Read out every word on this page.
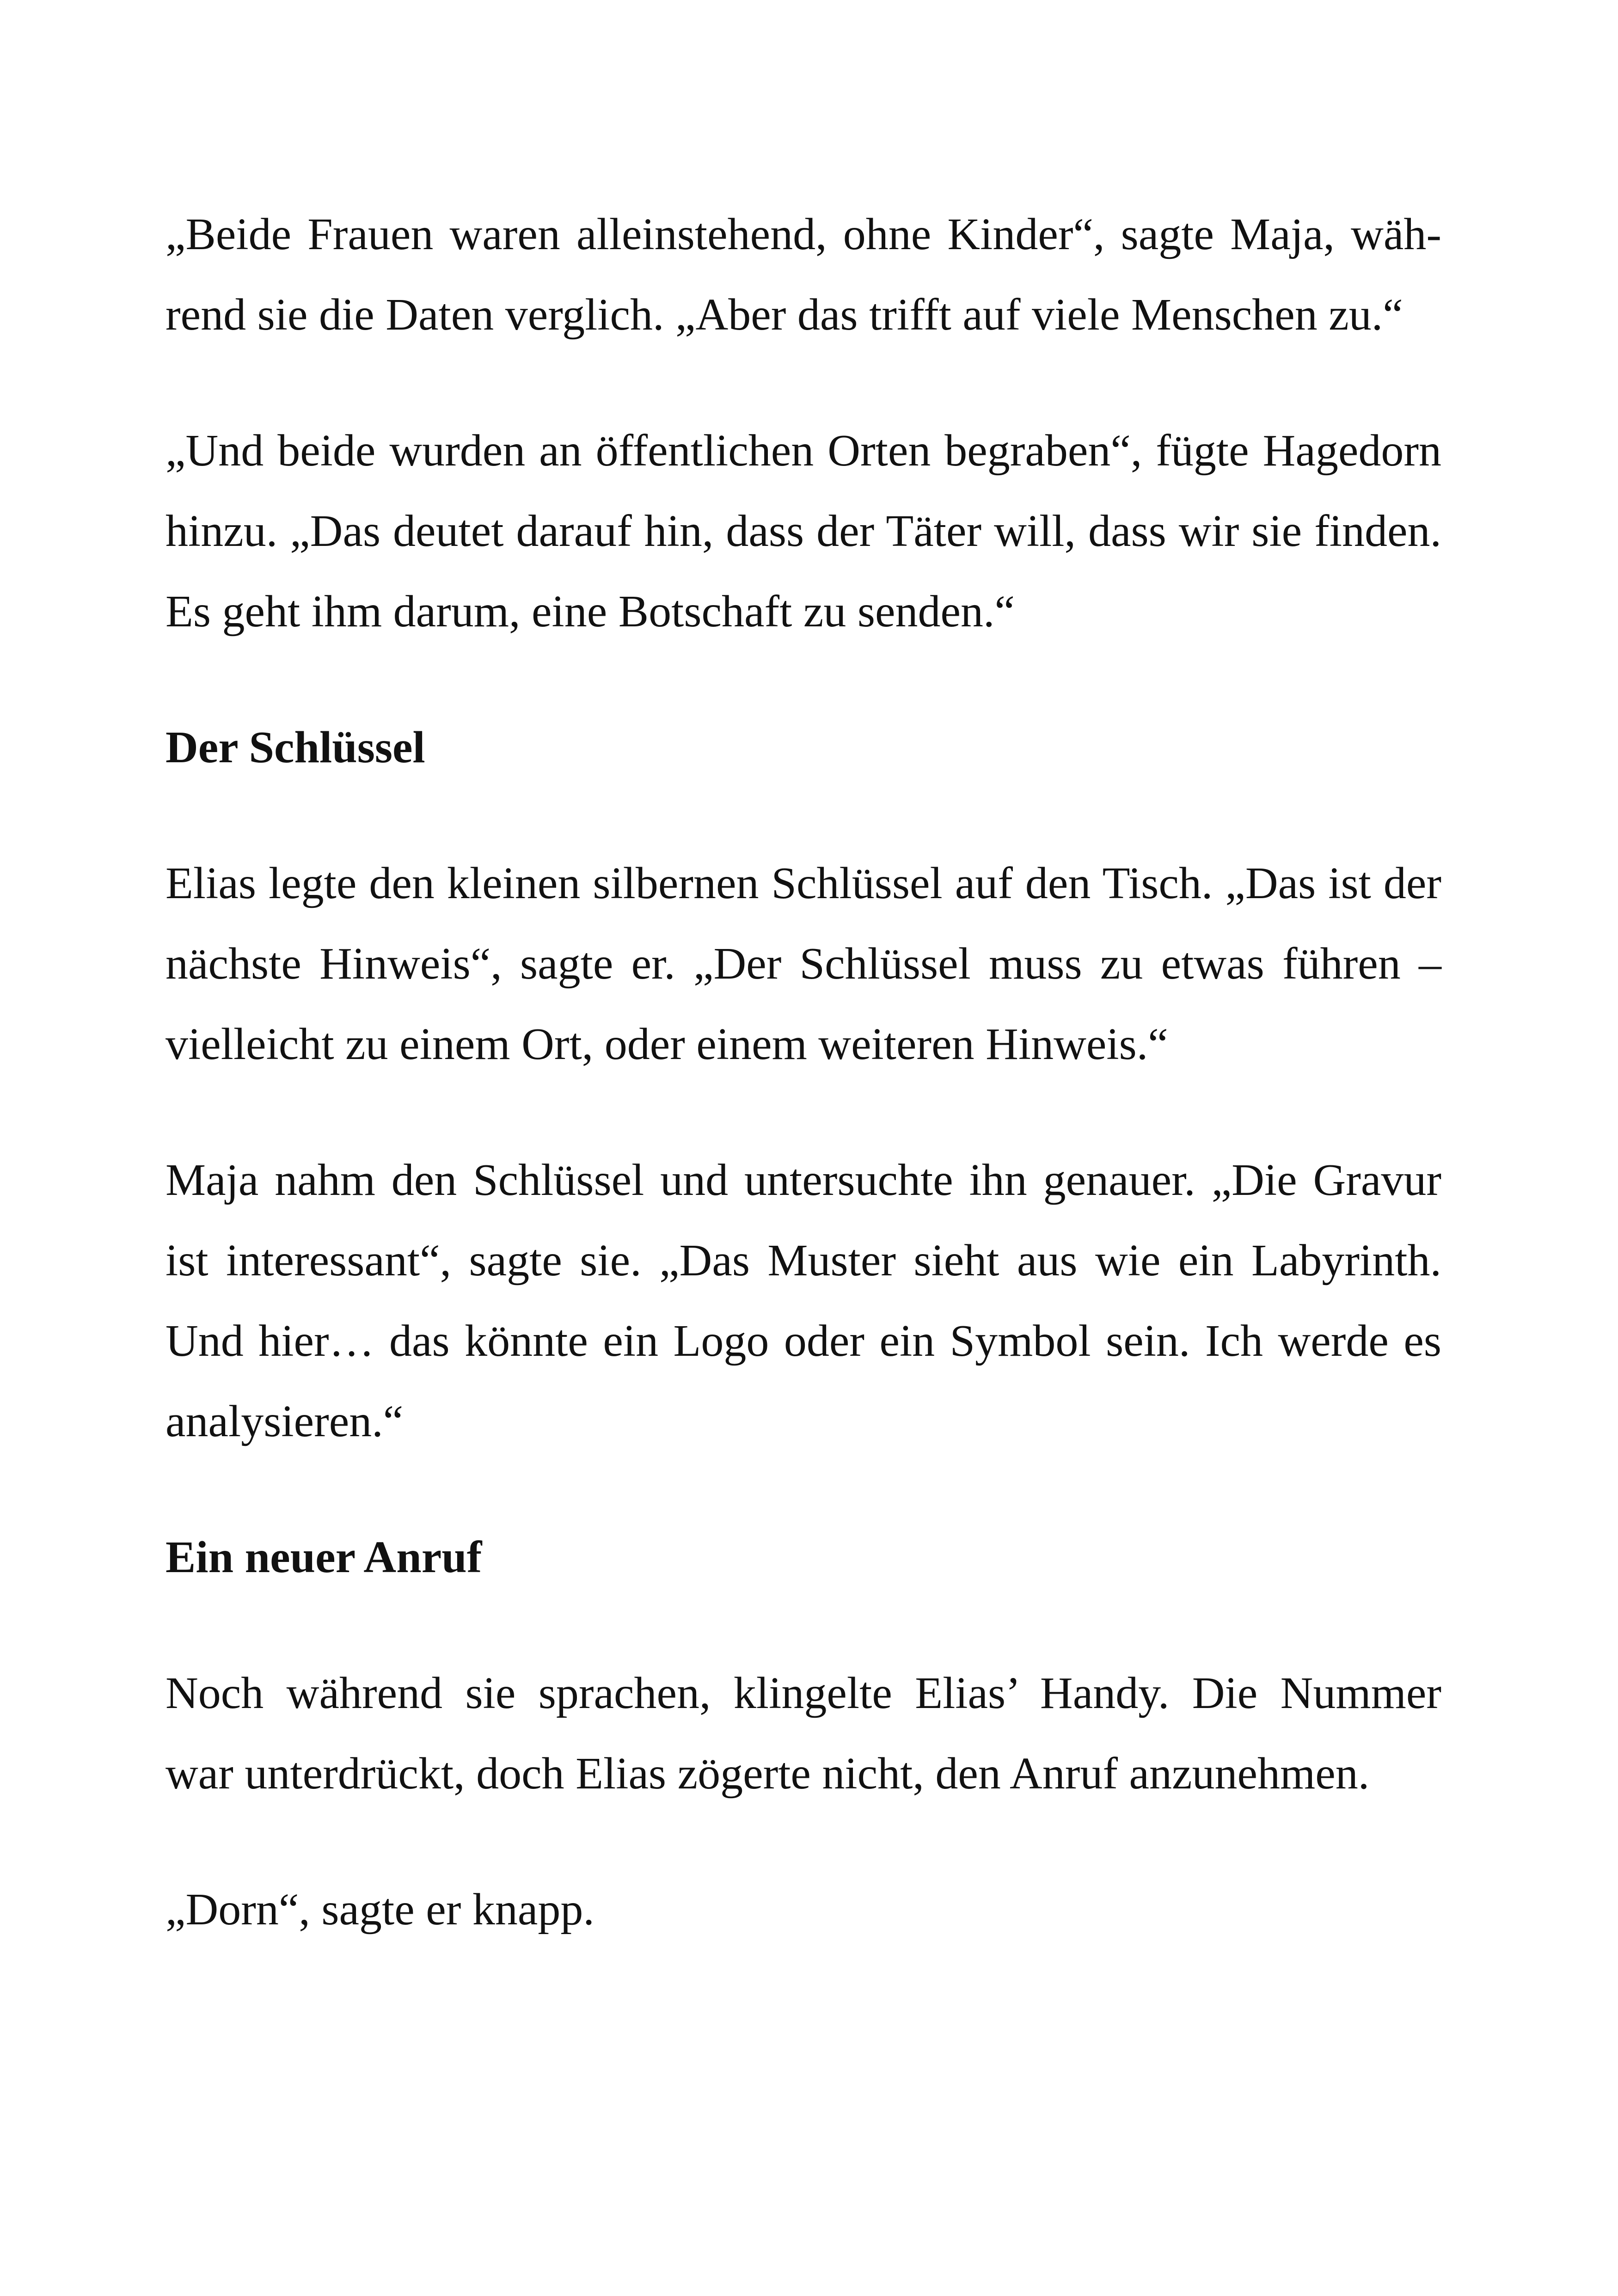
„Beide Frauen waren alleinstehend, ohne Kinder“, sagte Maja, wäh-
rend sie die Daten verglich. „Aber das trifft auf viele Menschen zu.“

„Und beide wurden an öffentlichen Orten begraben“, fügte Hagedorn
hinzu. „Das deutet darauf hin, dass der Täter will, dass wir sie finden.
Es geht ihm darum, eine Botschaft zu senden.“

Der Schlüssel

Elias legte den kleinen silbernen Schlüssel auf den Tisch. „Das ist der
nächste Hinweis“, sagte er. „Der Schlüssel muss zu etwas führen –
vielleicht zu einem Ort, oder einem weiteren Hinweis.“

Maja nahm den Schlüssel und untersuchte ihn genauer. „Die Gravur
ist interessant“, sagte sie. „Das Muster sieht aus wie ein Labyrinth.
Und hier… das könnte ein Logo oder ein Symbol sein. Ich werde es
analysieren.“

Ein neuer Anruf

Noch während sie sprachen, klingelte Elias’ Handy. Die Nummer
war unterdrückt, doch Elias zögerte nicht, den Anruf anzunehmen.

„Dorn“, sagte er knapp.
